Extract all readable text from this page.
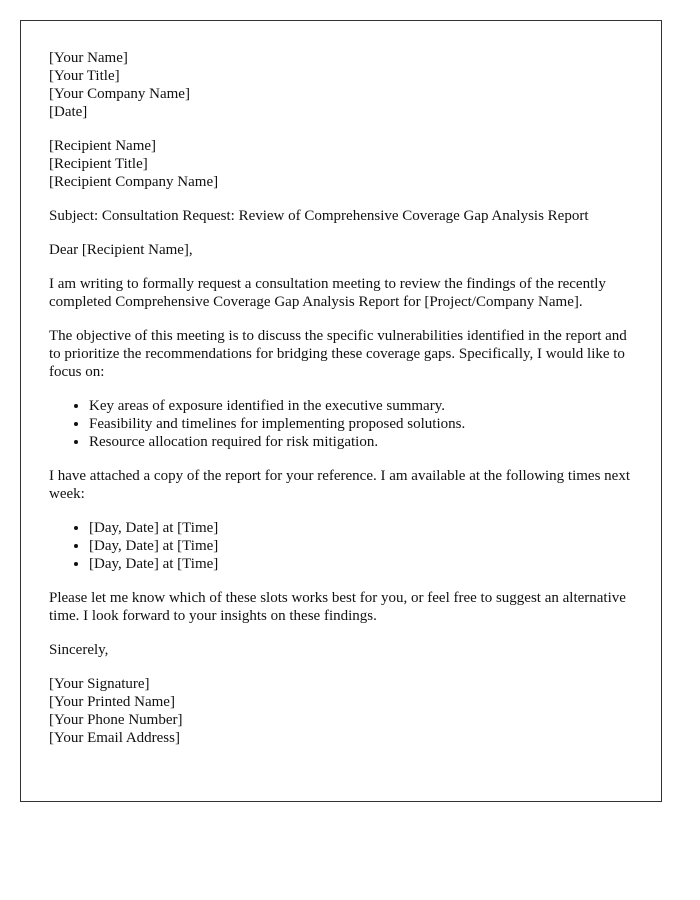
[Your Name]
[Your Title]
[Your Company Name]
[Date]
[Recipient Name]
[Recipient Title]
[Recipient Company Name]

Subject: Consultation Request: Review of Comprehensive Coverage Gap Analysis Report

Dear [Recipient Name],

I am writing to formally request a consultation meeting to review the findings of the recently completed Comprehensive Coverage Gap Analysis Report for [Project/Company Name].

The objective of this meeting is to discuss the specific vulnerabilities identified in the report and to prioritize the recommendations for bridging these coverage gaps. Specifically, I would like to focus on:

• Key areas of exposure identified in the executive summary.
• Feasibility and timelines for implementing proposed solutions.
• Resource allocation required for risk mitigation.

I have attached a copy of the report for your reference. I am available at the following times next week:

• [Day, Date] at [Time]
• [Day, Date] at [Time]
• [Day, Date] at [Time]

Please let me know which of these slots works best for you, or feel free to suggest an alternative time. I look forward to your insights on these findings.

Sincerely,

[Your Signature]
[Your Printed Name]
[Your Phone Number]
[Your Email Address]
